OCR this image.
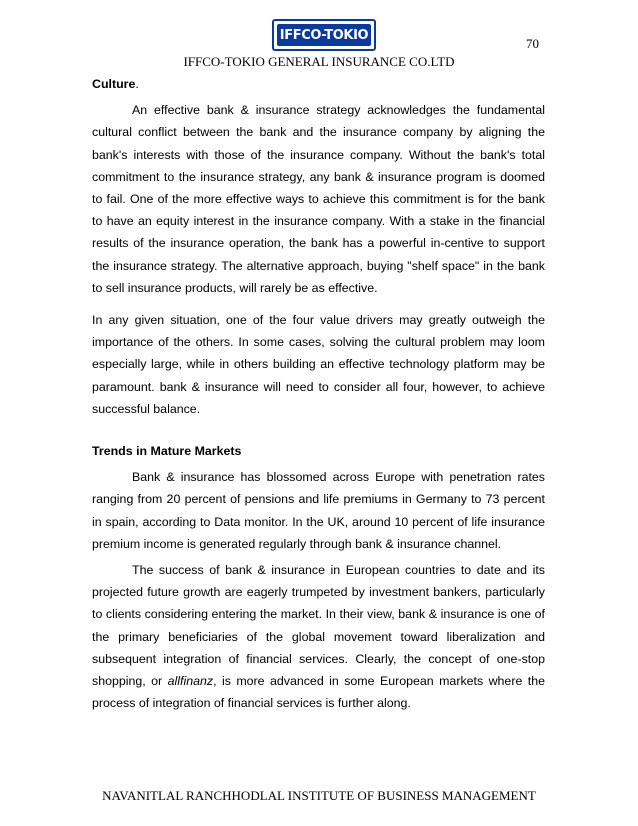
IFFCO-TOKIO
70
IFFCO-TOKIO GENERAL INSURANCE CO.LTD

Culture.

An effective bank & insurance strategy acknowledges the fundamental cultural conflict between the bank and the insurance company by aligning the bank's interests with those of the insurance company. Without the bank's total commitment to the insurance strategy, any bank & insurance program is doomed to fail. One of the more effective ways to achieve this commitment is for the bank to have an equity interest in the insurance company. With a stake in the financial results of the insurance operation, the bank has a powerful in-centive to support the insurance strategy. The alternative approach, buying "shelf space" in the bank to sell insurance products, will rarely be as effective.

In any given situation, one of the four value drivers may greatly outweigh the importance of the others. In some cases, solving the cultural problem may loom especially large, while in others building an effective technology platform may be paramount. bank & insurance will need to consider all four, however, to achieve successful balance.

Trends in Mature Markets

Bank & insurance has blossomed across Europe with penetration rates ranging from 20 percent of pensions and life premiums in Germany to 73 percent in spain, according to Data monitor. In the UK, around 10 percent of life insurance premium income is generated regularly through bank & insurance channel.

The success of bank & insurance in European countries to date and its projected future growth are eagerly trumpeted by investment bankers, particularly to clients considering entering the market. In their view, bank & insurance is one of the primary beneficiaries of the global movement toward liberalization and subsequent integration of financial services. Clearly, the concept of one-stop shopping, or allfinanz, is more advanced in some European markets where the process of integration of financial services is further along.

NAVANITLAL RANCHHODLAL INSTITUTE OF BUSINESS MANAGEMENT
